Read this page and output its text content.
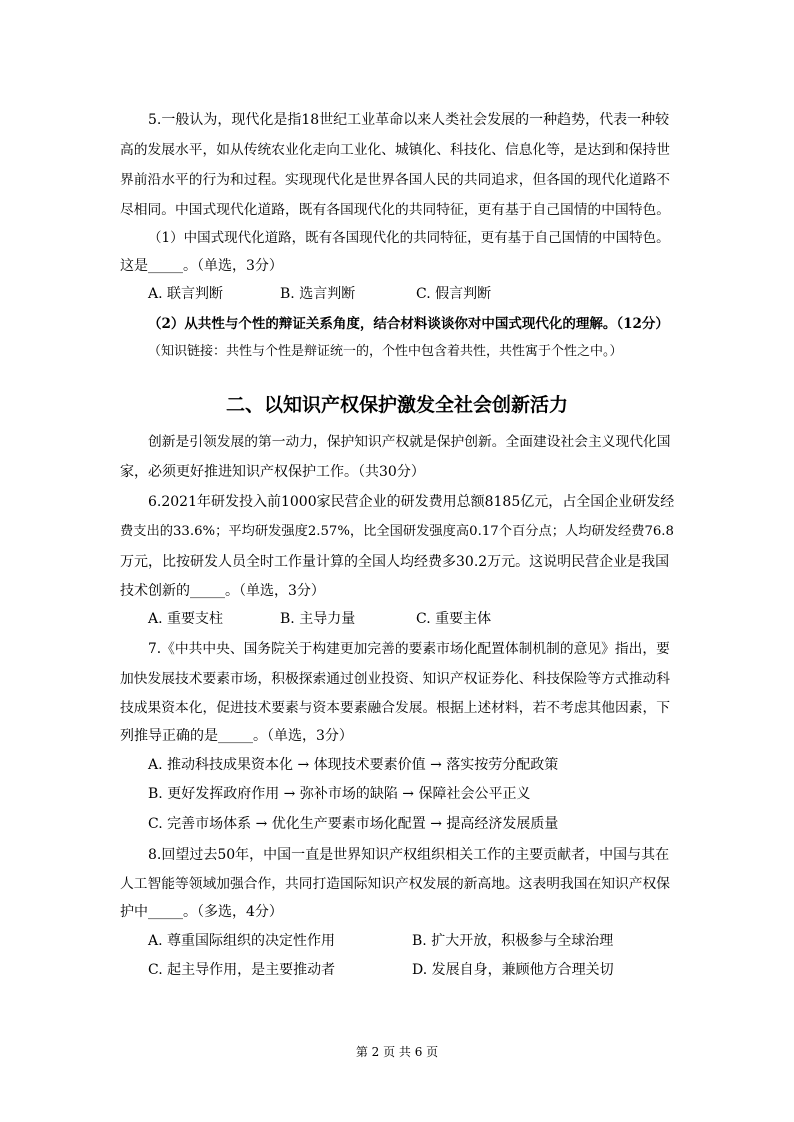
5.一般认为，现代化是指18世纪工业革命以来人类社会发展的一种趋势，代表一种较
高的发展水平，如从传统农业化走向工业化、城镇化、科技化、信息化等，是达到和保持世
界前沿水平的行为和过程。实现现代化是世界各国人民的共同追求，但各国的现代化道路不
尽相同。中国式现代化道路，既有各国现代化的共同特征，更有基于自己国情的中国特色。
（1）中国式现代化道路，既有各国现代化的共同特征，更有基于自己国情的中国特色。
这是_____。（单选，3分）
A. 联言判断	B. 选言判断	C. 假言判断
（2）从共性与个性的辩证关系角度，结合材料谈谈你对中国式现代化的理解。（12分）
（知识链接：共性与个性是辩证统一的，个性中包含着共性，共性寓于个性之中。）
二、以知识产权保护激发全社会创新活力
创新是引领发展的第一动力，保护知识产权就是保护创新。全面建设社会主义现代化国
家，必须更好推进知识产权保护工作。（共30分）
6.2021年研发投入前1000家民营企业的研发费用总额8185亿元，占全国企业研发经
费支出的33.6%；平均研发强度2.57%，比全国研发强度高0.17个百分点；人均研发经费76.8
万元，比按研发人员全时工作量计算的全国人均经费多30.2万元。这说明民营企业是我国
技术创新的_____。（单选，3分）
A. 重要支柱	B. 主导力量	C. 重要主体
7.《中共中央、国务院关于构建更加完善的要素市场化配置体制机制的意见》指出，要
加快发展技术要素市场，积极探索通过创业投资、知识产权证券化、科技保险等方式推动科
技成果资本化，促进技术要素与资本要素融合发展。根据上述材料，若不考虑其他因素，下
列推导正确的是_____。（单选，3分）
A. 推动科技成果资本化 → 体现技术要素价值 → 落实按劳分配政策
B. 更好发挥政府作用 → 弥补市场的缺陷 → 保障社会公平正义
C. 完善市场体系 → 优化生产要素市场化配置 → 提高经济发展质量
8.回望过去50年，中国一直是世界知识产权组织相关工作的主要贡献者，中国与其在
人工智能等领域加强合作，共同打造国际知识产权发展的新高地。这表明我国在知识产权保
护中_____。（多选，4分）
A. 尊重国际组织的决定性作用	B. 扩大开放，积极参与全球治理
C. 起主导作用，是主要推动者	D. 发展自身，兼顾他方合理关切
第 2 页 共 6 页
